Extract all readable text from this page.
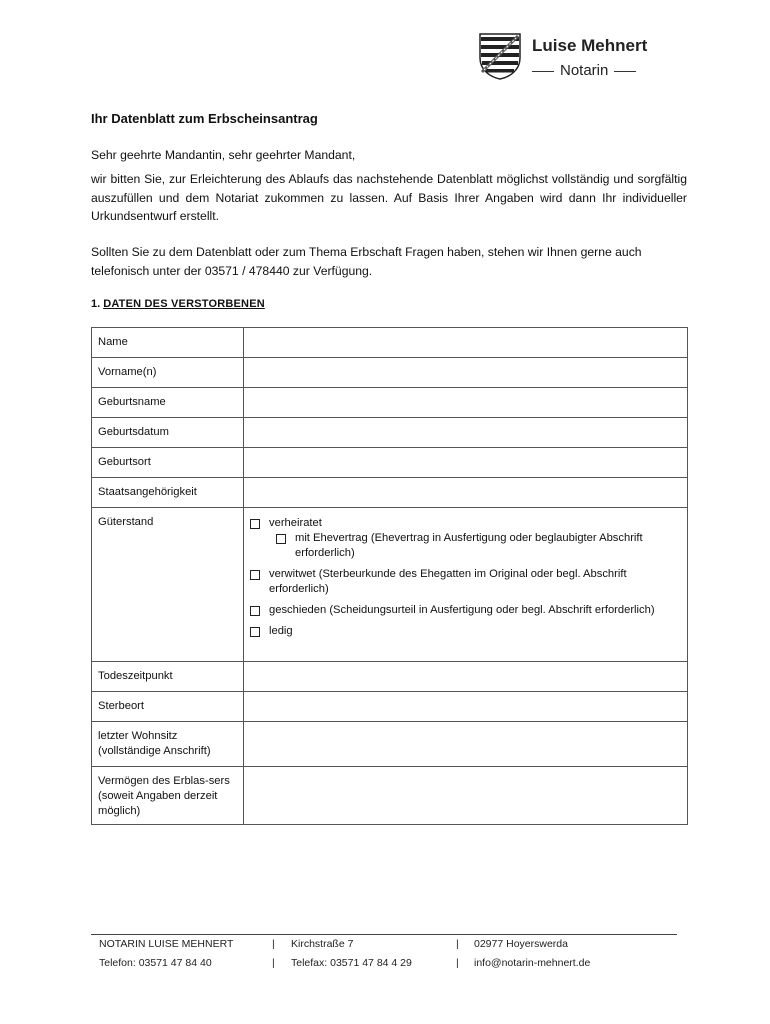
Luise Mehnert
Notarin
Ihr Datenblatt zum Erbscheinsantrag
Sehr geehrte Mandantin, sehr geehrter Mandant,
wir bitten Sie, zur Erleichterung des Ablaufs das nachstehende Datenblatt möglichst vollständig und sorgfältig auszufüllen und dem Notariat zukommen zu lassen. Auf Basis Ihrer Angaben wird dann Ihr individueller Urkundsentwurf erstellt.
Sollten Sie zu dem Datenblatt oder zum Thema Erbschaft Fragen haben, stehen wir Ihnen gerne auch telefonisch unter der 03571 / 478440 zur Verfügung.
1. DATEN DES VERSTORBENEN
Name	
Vorname(n)	
Geburtsname	
Geburtsdatum	
Geburtsort	
Staatsangehörigkeit	
Güterstand	verheiratet
mit Ehevertrag (Ehevertrag in Ausfertigung oder beglaubigter Abschrift erforderlich)
verwitwet (Sterbeurkunde des Ehegatten im Original oder begl. Abschrift erforderlich)
geschieden (Scheidungsurteil in Ausfertigung oder begl. Abschrift erforderlich)
ledig

Todeszeitpunkt	
Sterbeort	
letzter Wohnsitz (vollständige Anschrift)	
Vermögen des Erblas-sers (soweit Angaben derzeit möglich)	
NOTARIN LUISE MEHNERT	| Kirchstraße 7	| 02977 Hoyerswerda
Telefon: 03571 47 84 40	| Telefax: 03571 47 84 4 29	| info@notarin-mehnert.de
